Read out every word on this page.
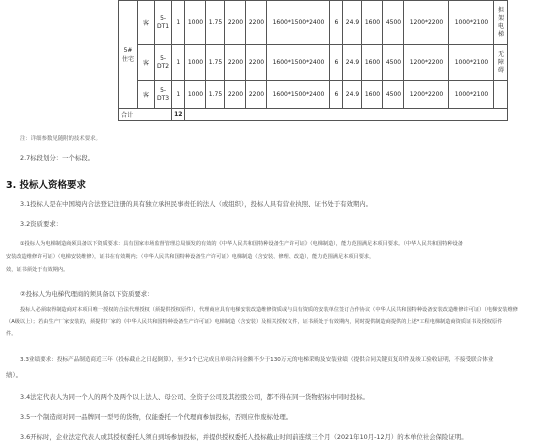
5#住宅	客	5-DT1	1	1000	1.75	2200	2200	1600*1500*2400	6	24.9	1600	4500	1200*2200	1000*2100	担架电梯
	客	5-DT2	1	1000	1.75	2200	2200	1600*1500*2400	6	24.9	1600	4500	1200*2200	1000*2100	无障碍
	客	5-DT3	1	1000	1.75	2200	2200	1600*1500*2400	6	24.9	1600	4500	1200*2200	1000*2100	
合计			12												
注：详细参数见随附的技术要求。
2.7标段划分：一个标段。
3. 投标人资格要求
3.1投标人是在中国境内合法登记注册的具有独立承担民事责任的法人（或组织），投标人具有营业执照、证书处于有效期内。
3.2资质要求：
①投标人为电梯制造商须具备以下资质要求：具有国家市场监督管理总局颁发的有效的《中华人民共和国特种设备生产许可证》（电梯制造），能力范围满足本项目要求。（中华人民共和国特种设备
安装改造维修许可证）（电梯安装维修），证书在有效期内；（中华人民共和国特种设备生产许可证）电梯制造（含安装、修理、改造），能力范围满足本项目要求，
效，证书须处于有效期内。
②投标人为电梯代理商的须具备以下资质要求：
投标人必须取得制造商对本项目唯一授权的合法代理授权（须提供授权原件），代理商应具有电梯安装改造维修资质或与具有资质的安装单位签订合作协议（中华人民共和国特种设备安装改造维修许可证）（电梯安装维修
（A级以上）；若由生产厂家安装的，须提供厂家的《中华人民共和国特种设备生产许可证》电梯制造（含安装）及相关授权文件，证书须处于有效期内，同时提供制造商提供的上述*工程电梯制造商资质证书及授权原件
件。
3.3业绩要求：投标产品制造商近三年（投标截止之日起倒算），至少1个已完成且单项合同金额不少于130万元的电梯采购及安装业绩（提供合同关键页复印件及竣工验收证明，不接受联合体业
绩）。
3.4法定代表人为同一个人的两个及两个以上法人、母公司、全资子公司及其控股公司，都不得在同一货物招标中同时投标。
3.5一个制造商对同一品牌同一型号的货物，仅能委托一个代理商参加投标，否则应作废标处理。
3.6开标时，企业法定代表人或其授权委托人须自到场参加投标，并提供授权委托人投标截止时间前连续三个月（2021年10月-12月）的本单位社会保险证明。
